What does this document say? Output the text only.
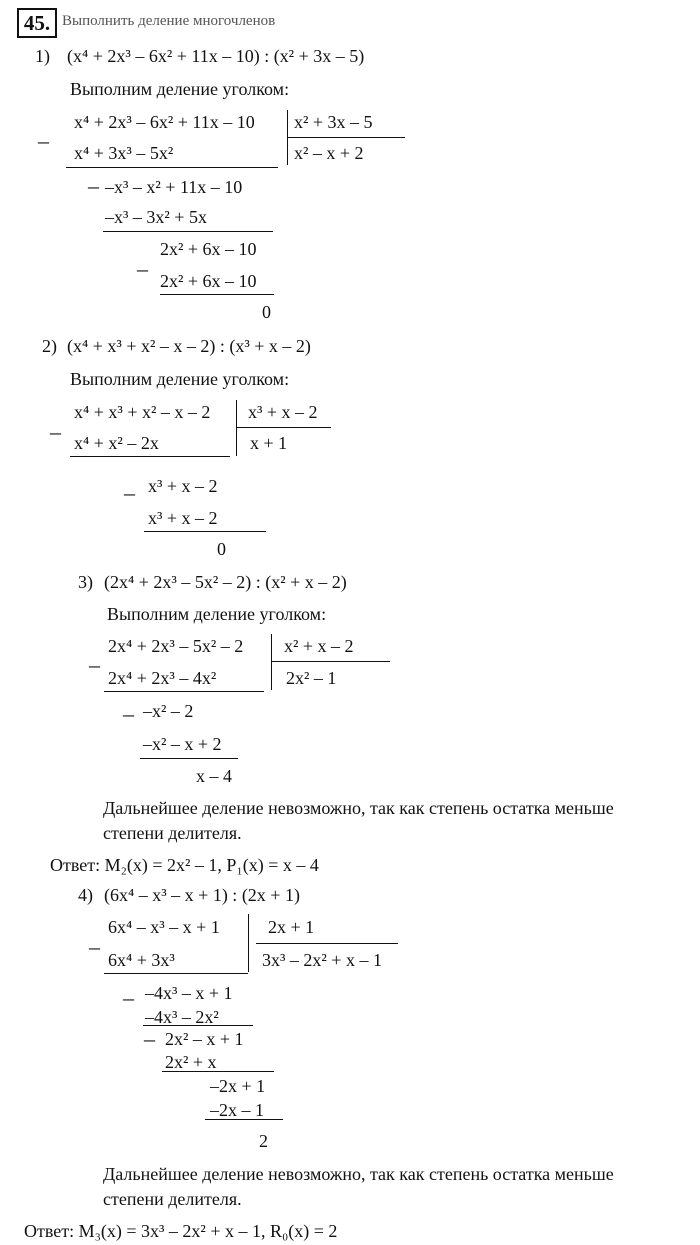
45. Выполнить деление многочленов
1) (x⁴ + 2x³ – 6x² + 11x – 10) : (x² + 3x – 5)
Выполним деление уголком:
x⁴ + 2x³ – 6x² + 11x – 10 x² + 3x – 5
x² – x + 2
– x⁴ + 3x³ – 5x²
– –x³ – x² + 11x – 10
–x³ – 3x² + 5x
2x² + 6x – 10
– 2x² + 6x – 10
0
2) (x⁴ + x³ + x² – x – 2) : (x³ + x – 2)
Выполним деление уголком:
x⁴ + x³ + x² – x – 2 x³ + x – 2
x + 1
– x⁴ + x² – 2x
– x³ + x – 2
x³ + x – 2
0
3) (2x⁴ + 2x³ – 5x² – 2) : (x² + x – 2)
Выполним деление уголком:
2x⁴ + 2x³ – 5x² – 2 x² + x – 2
2x² – 1
–
2x⁴ + 2x³ – 4x²
– –x² – 2
–x² – x + 2
x – 4
Дальнейшее деление невозможно, так как степень остатка меньше
степени делителя.
Ответ: M₂(x) = 2x² – 1, P₁(x) = x – 4
4) (6x⁴ – x³ – x + 1) : (2x + 1)
6x⁴ – x³ – x + 1	2x + 1
3x³ – 2x² + x – 1
–
6x⁴ + 3x³
– –4x³ – x + 1
–4x³ – 2x²
– 2x² – x + 1
2x² + x
–2x + 1
–2x – 1
2
Дальнейшее деление невозможно, так как степень остатка меньше
степени делителя.
Ответ: M₃(x) = 3x³ – 2x² + x – 1, R₀(x) = 2
